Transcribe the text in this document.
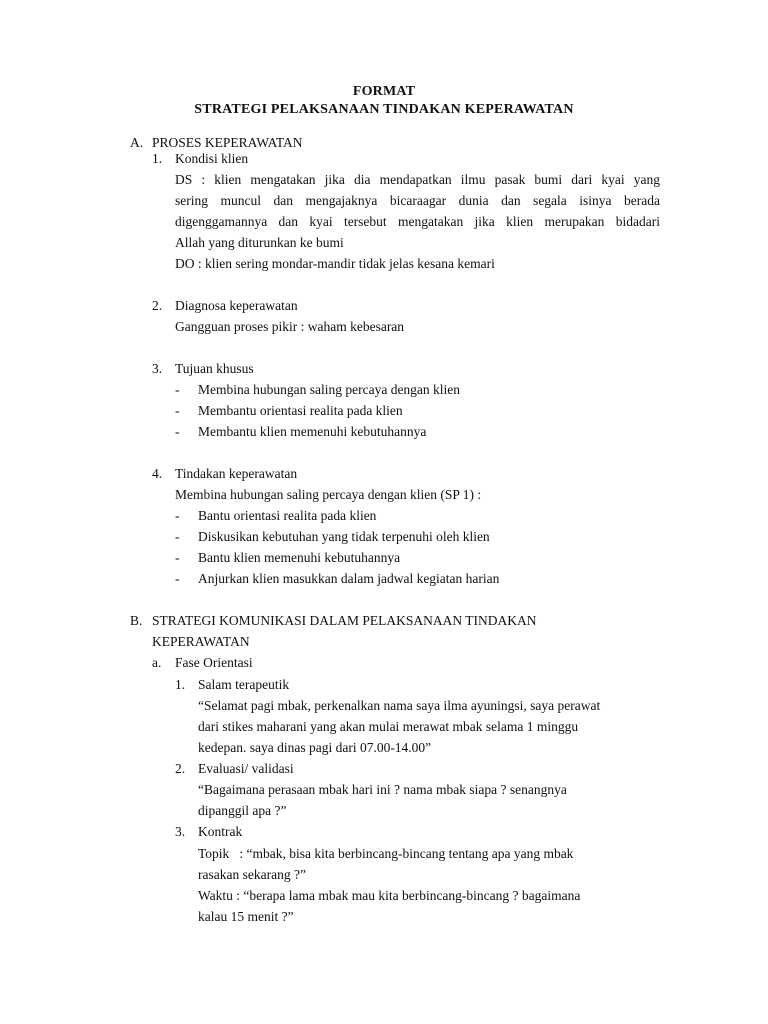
FORMAT
STRATEGI PELAKSANAAN TINDAKAN KEPERAWATAN
A. PROSES KEPERAWATAN
1. Kondisi klien
DS : klien mengatakan jika dia mendapatkan ilmu pasak bumi dari kyai yang
sering muncul dan mengajaknya bicaraagar dunia dan segala isinya berada
digenggamannya dan kyai tersebut mengatakan jika klien merupakan bidadari
Allah yang diturunkan ke bumi
DO : klien sering mondar-mandir tidak jelas kesana kemari
2. Diagnosa keperawatan
Gangguan proses pikir : waham kebesaran
3. Tujuan khusus
- Membina hubungan saling percaya dengan klien
- Membantu orientasi realita pada klien
- Membantu klien memenuhi kebutuhannya
4. Tindakan keperawatan
Membina hubungan saling percaya dengan klien (SP 1) :
- Bantu orientasi realita pada klien
- Diskusikan kebutuhan yang tidak terpenuhi oleh klien
- Bantu klien memenuhi kebutuhannya
- Anjurkan klien masukkan dalam jadwal kegiatan harian
B. STRATEGI KOMUNIKASI DALAM PELAKSANAAN TINDAKAN
KEPERAWATAN
a. Fase Orientasi
1. Salam terapeutik
“Selamat pagi mbak, perkenalkan nama saya ilma ayuningsi, saya perawat
dari stikes maharani yang akan mulai merawat mbak selama 1 minggu
kedepan. saya dinas pagi dari 07.00-14.00”
2. Evaluasi/ validasi
“Bagaimana perasaan mbak hari ini ? nama mbak siapa ? senangnya
dipanggil apa ?”
3. Kontrak
Topik   : “mbak, bisa kita berbincang-bincang tentang apa yang mbak
rasakan sekarang ?”
Waktu : “berapa lama mbak mau kita berbincang-bincang ? bagaimana
kalau 15 menit ?”
